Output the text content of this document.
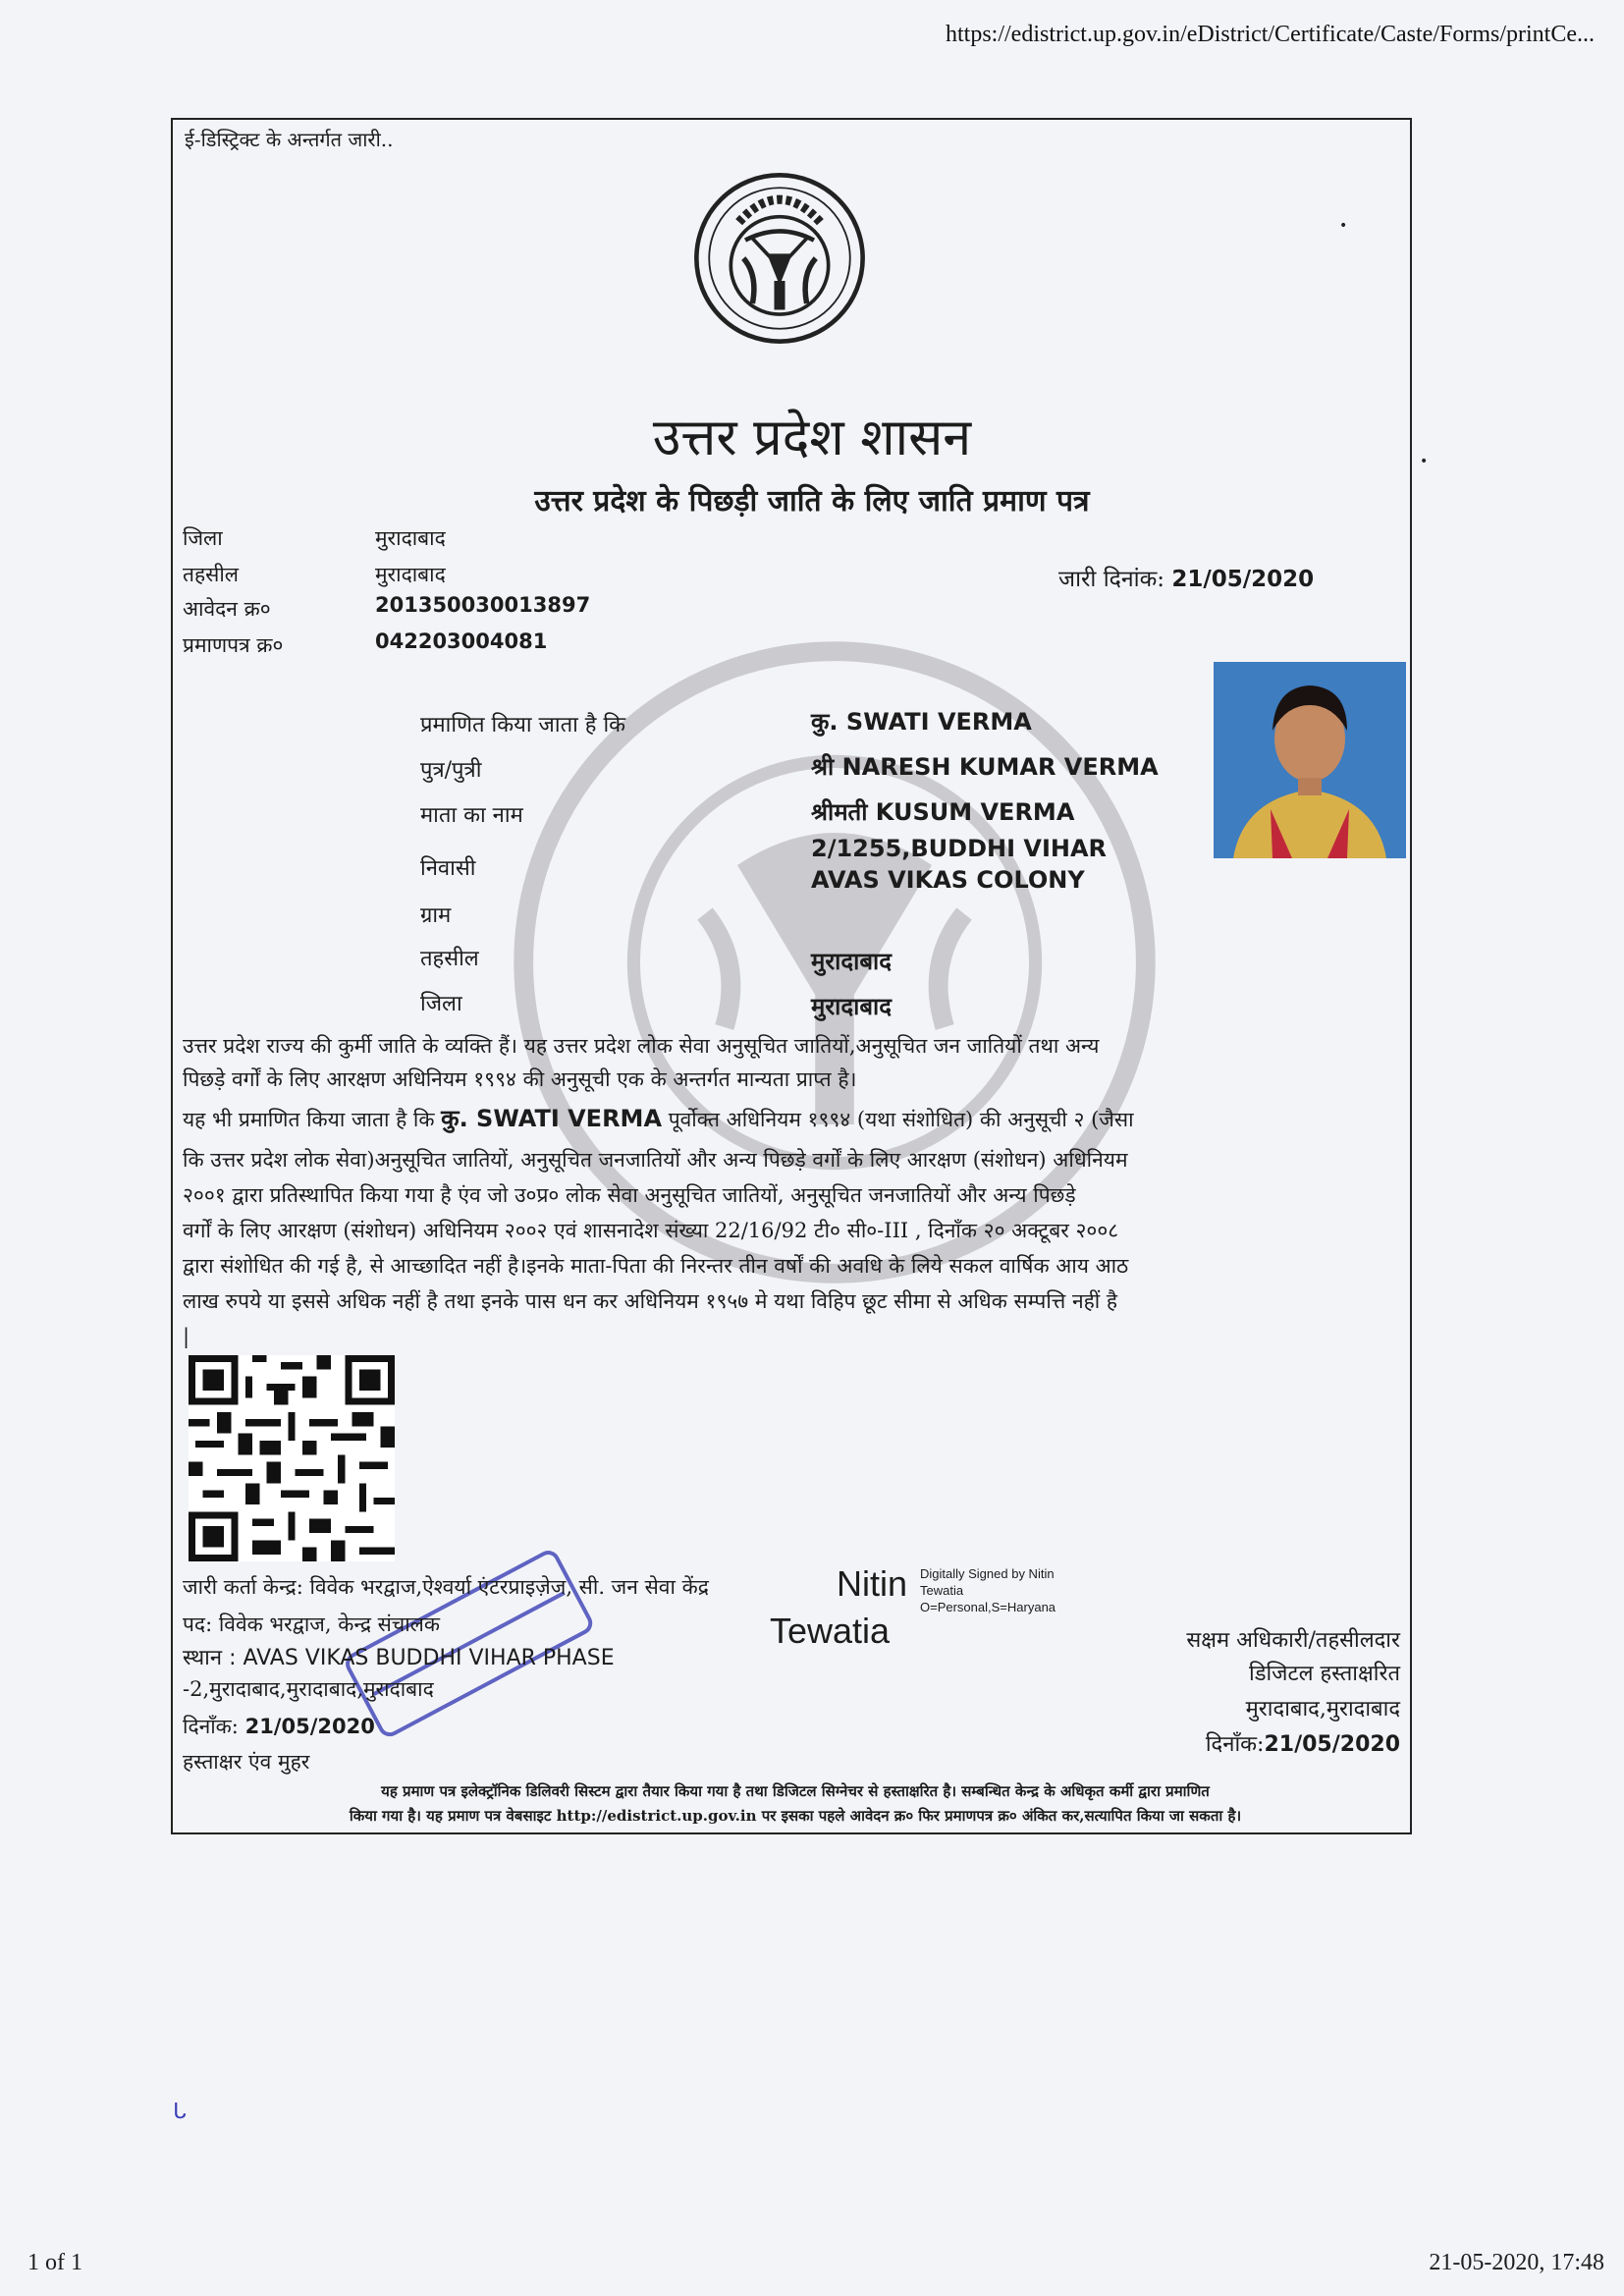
https://edistrict.up.gov.in/eDistrict/Certificate/Caste/Forms/printCe...
ई-डिस्ट्रिक्ट के अन्तर्गत जारी..
उत्तर प्रदेश शासन
उत्तर प्रदेश के पिछड़ी जाति के लिए जाति प्रमाण पत्र
जिला	मुरादाबाद
तहसील	मुरादाबाद
आवेदन क्र०	201350030013897
प्रमाणपत्र क्र०	042203004081
जारी दिनांक: 21/05/2020
प्रमाणित किया जाता है कि	कु. SWATI VERMA
पुत्र/पुत्री	श्री NARESH KUMAR VERMA
माता का नाम	श्रीमती KUSUM VERMA
निवासी
2/1255,BUDDHI VIHAR
AVAS VIKAS COLONY
ग्राम
तहसील	मुरादाबाद
जिला	मुरादाबाद
उत्तर प्रदेश राज्य की कुर्मी जाति के व्यक्ति हैं। यह उत्तर प्रदेश लोक सेवा अनुसूचित जातियों,अनुसूचित जन जातियों तथा अन्य
पिछड़े वर्गों के लिए आरक्षण अधिनियम १९९४ की अनुसूची एक के अन्तर्गत मान्यता प्राप्त है।
यह भी प्रमाणित किया जाता है कि कु. SWATI VERMA पूर्वोक्त अधिनियम १९९४ (यथा संशोधित) की अनुसूची २ (जैसा
कि उत्तर प्रदेश लोक सेवा)अनुसूचित जातियों, अनुसूचित जनजातियों और अन्य पिछड़े वर्गों के लिए आरक्षण (संशोधन) अधिनियम
२००१ द्वारा प्रतिस्थापित किया गया है एंव जो उ०प्र० लोक सेवा अनुसूचित जातियों, अनुसूचित जनजातियों और अन्य पिछड़े
वर्गों के लिए आरक्षण (संशोधन) अधिनियम २००२ एवं शासनादेश संख्या 22/16/92 टी० सी०-III , दिनाँक २० अक्टूबर २००८
द्वारा संशोधित की गई है, से आच्छादित नहीं है।इनके माता-पिता की निरन्तर तीन वर्षों की अवधि के लिये सकल वार्षिक आय आठ
लाख रुपये या इससे अधिक नहीं है तथा इनके पास धन कर अधिनियम १९५७ मे यथा विहिप छूट सीमा से अधिक सम्पत्ति नहीं है
|
जारी कर्ता केन्द्र: विवेक भरद्वाज,ऐश्वर्या एंटरप्राइज़ेज, सी. जन सेवा केंद्र
पद: विवेक भरद्वाज, केन्द्र संचालक
स्थान : AVAS VIKAS BUDDHI VIHAR PHASE
-2,मुरादाबाद,मुरादाबाद,मुरादाबाद
दिनाँक: 21/05/2020
हस्ताक्षर एंव मुहर
Nitin
Tewatia
Digitally Signed by Nitin
Tewatia
O=Personal,S=Haryana
सक्षम अधिकारी/तहसीलदार
डिजिटल हस्ताक्षरित
मुरादाबाद,मुरादाबाद
दिनाँक:21/05/2020
यह प्रमाण पत्र इलेक्ट्रॉनिक डिलिवरी सिस्टम द्वारा तैयार किया गया है तथा डिजिटल सिग्नेचर से हस्ताक्षरित है। सम्बन्धित केन्द्र के अधिकृत कर्मी द्वारा प्रमाणित
किया गया है। यह प्रमाण पत्र वेबसाइट http://edistrict.up.gov.in पर इसका पहले आवेदन क्र० फिर प्रमाणपत्र क्र० अंकित कर,सत्यापित किया जा सकता है।
•
•
ᒐ
1 of 1	21-05-2020, 17:48
